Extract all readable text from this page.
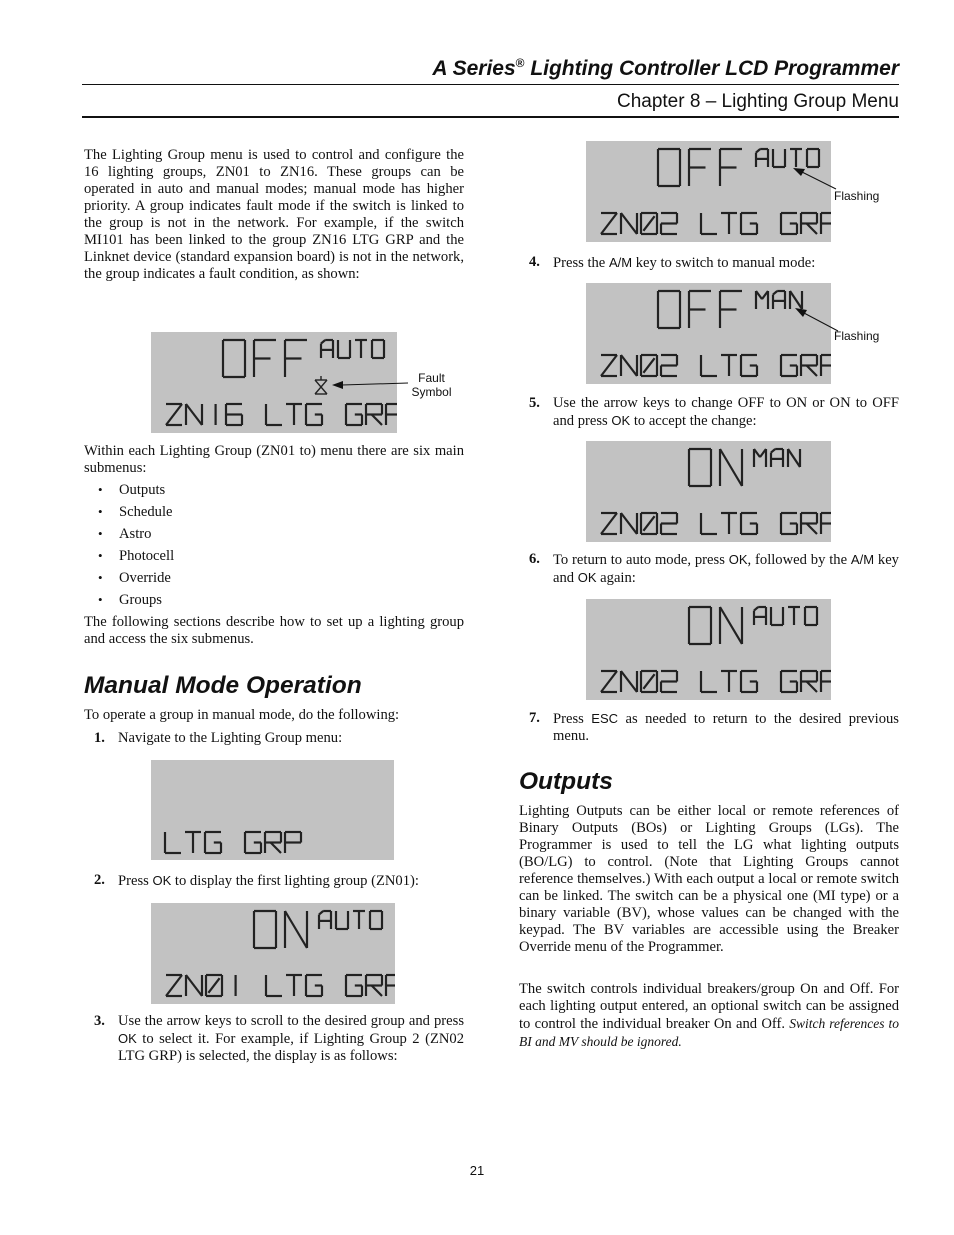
A Series® Lighting Controller LCD Programmer
Chapter 8 – Lighting Group Menu

The Lighting Group menu is used to control and configure the 16 lighting groups, ZN01 to ZN16. These groups can be operated in auto and manual modes; manual mode has higher priority. A group indicates fault mode if the switch is linked to the group is not in the network. For example, if the switch MI101 has been linked to the group ZN16 LTG GRP and the Linknet device (standard expansion board) is not in the network, the group indicates a fault condition, as shown:

Fault
Symbol

Within each Lighting Group (ZN01 to) menu there are six main submenus:

• Outputs
• Schedule
• Astro
• Photocell
• Override
• Groups

The following sections describe how to set up a lighting group and access the six submenus.

Manual Mode Operation

To operate a group in manual mode, do the following:

1. Navigate to the Lighting Group menu:
2. Press OK to display the first lighting group (ZN01):
3. Use the arrow keys to scroll to the desired group and press OK to select it. For example, if Lighting Group 2 (ZN02 LTG GRP) is selected, the display is as follows:
Flashing
4. Press the A/M key to switch to manual mode:
Flashing
5. Use the arrow keys to change OFF to ON or ON to OFF and press OK to accept the change:
6. To return to auto mode, press OK, followed by the A/M key and OK again:
7. Press ESC as needed to return to the desired previous menu.
Outputs

Lighting Outputs can be either local or remote references of Binary Outputs (BOs) or Lighting Groups (LGs). The Programmer is used to tell the LG what lighting outputs (BO/LG) to control. (Note that Lighting Groups cannot reference themselves.) With each output a local or remote switch can be linked. The switch can be a physical one (MI type) or a binary variable (BV), whose values can be changed with the keypad. The BV variables are accessible using the Breaker Override menu of the Programmer.

The switch controls individual breakers/group On and Off. For each lighting output entered, an optional switch can be assigned to control the individual breaker On and Off. Switch references to BI and MV should be ignored.

21
